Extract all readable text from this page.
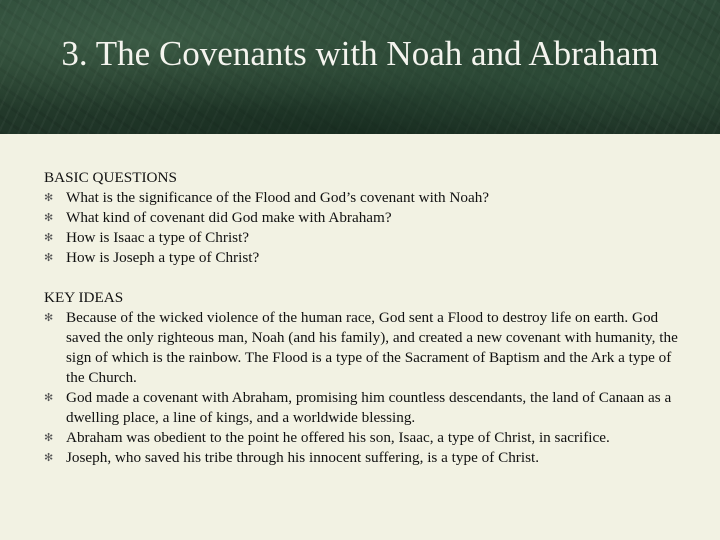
3. The Covenants with Noah and Abraham
BASIC QUESTIONS
✻ What is the significance of the Flood and God’s covenant with Noah?
✻ What kind of covenant did God make with Abraham?
✻ How is Isaac a type of Christ?
✻ How is Joseph a type of Christ?
KEY IDEAS
✻ Because of the wicked violence of the human race, God sent a Flood to destroy life on earth. God saved the only righteous man, Noah (and his family), and created a new covenant with humanity, the sign of which is the rainbow. The Flood is a type of the Sacrament of Baptism and the Ark a type of the Church.
✻ God made a covenant with Abraham, promising him countless descendants, the land of Canaan as a dwelling place, a line of kings, and a worldwide blessing.
✻ Abraham was obedient to the point he offered his son, Isaac, a type of Christ, in sacrifice.
✻ Joseph, who saved his tribe through his innocent suffering, is a type of Christ.
